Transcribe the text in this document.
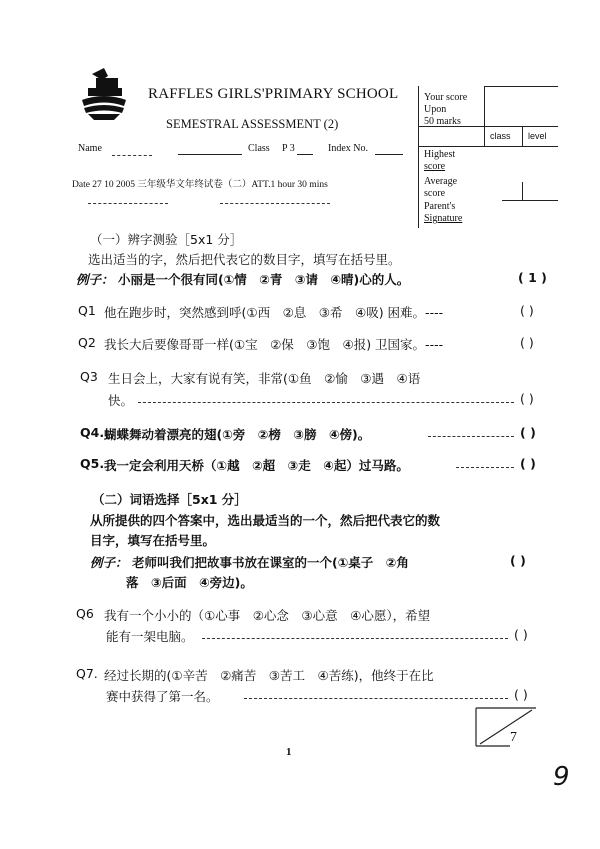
RAFFLES GIRLS'PRIMARY SCHOOL
SEMESTRAL ASSESSMENT (2)
Name	Class P 3	Index No.
Date 27 10 2005 三年级华文年终试卷（二）ATT.1 hour 30 mins
Your score
Upon
50 marks
class level
Highest
score
Average
score
Parent's
Signature
（一）辨字测验［5x1 分］
选出适当的字，然后把代表它的数目字，填写在括号里。
例子： 小丽是一个很有同(①情　②青　③请　④晴)心的人。	( 1 )
Q1 他在跑步时，突然感到呼(①西　②息　③希　④吸) 困难。----	( )
Q2 我长大后要像哥哥一样(①宝　②保　③饱　④报) 卫国家。----	( )
Q3 生日会上，大家有说有笑，非常(①鱼　②愉　③遇　④语
快。	( )
Q4. 蝴蝶舞动着漂亮的翅(①旁　②榜　③膀　④傍)。	( )
Q5. 我一定会利用天桥（①越　②超　③走　④起）过马路。	( )
（二）词语选择［5x1 分］
从所提供的四个答案中，选出最适当的一个，然后把代表它的数
目字，填写在括号里。
例子： 老师叫我们把故事书放在课室的一个(①桌子　②角
落　③后面　④旁边)。
( )
Q6 我有一个小小的（①心事　②心念　③心意　④心愿），希望
能有一架电脑。	( )
Q7. 经过长期的(①辛苦　②痛苦　③苦工　④苦练)，他终于在比
赛中获得了第一名。	( )
7
1
9
